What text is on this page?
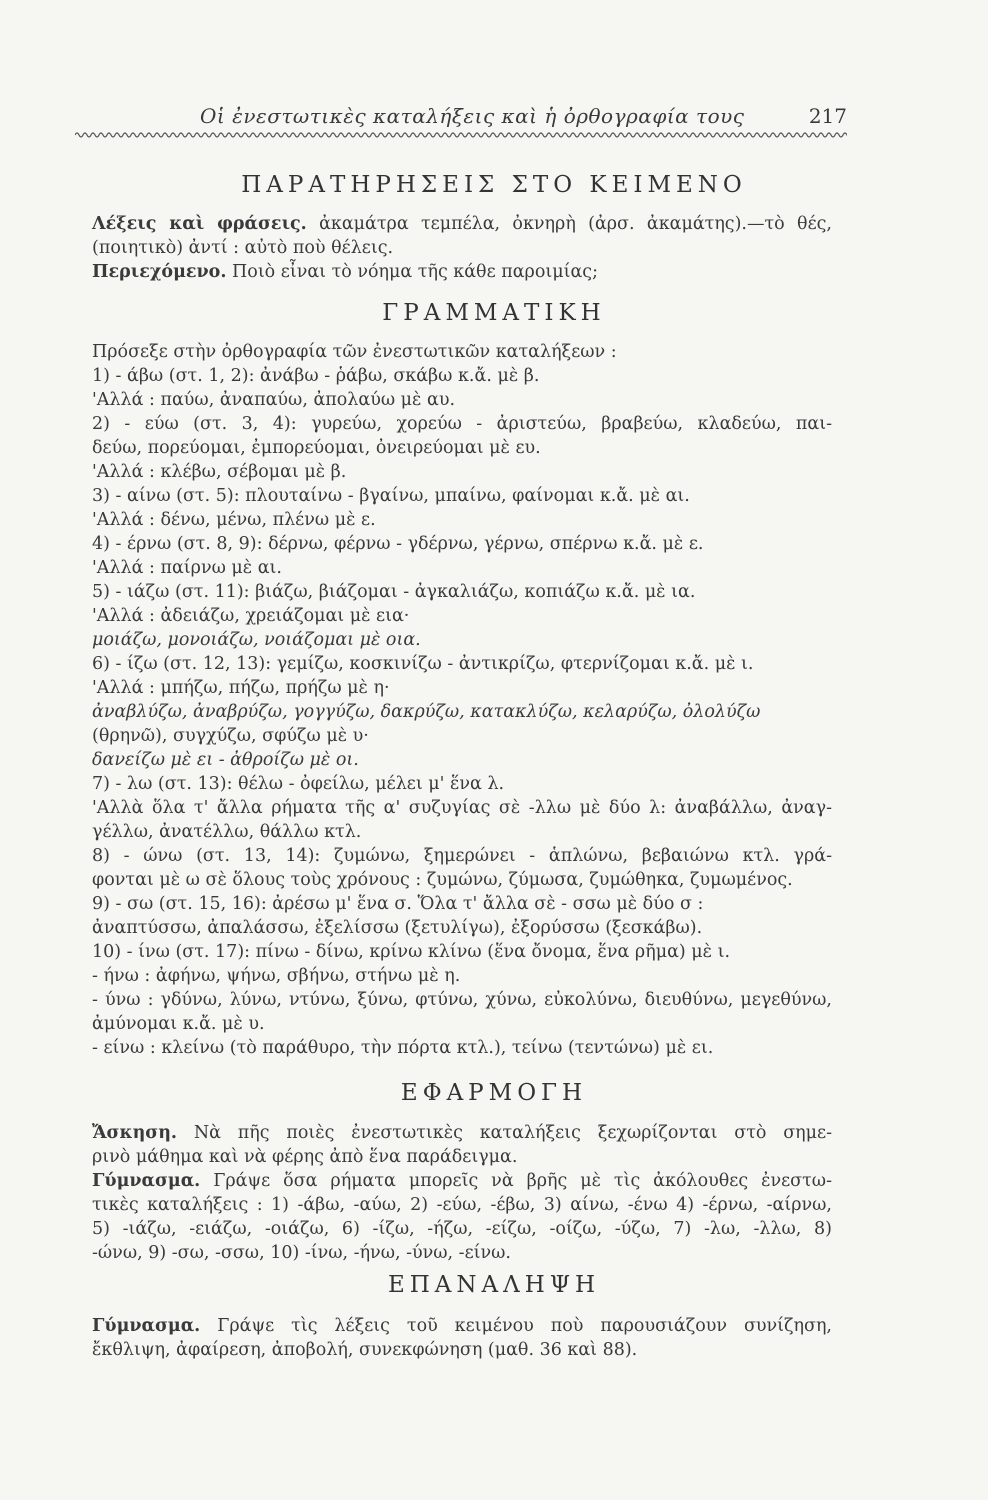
Οἱ ἐνεστωτικὲς καταλήξεις καὶ ἡ ὀρθογραφία τους	217
ΠΑΡΑΤΗΡΗΣΕΙΣ ΣΤΟ ΚΕΙΜΕΝΟ
Λέξεις καὶ φράσεις. ἀκαμάτρα τεμπέλα, ὀκνηρὴ (ἀρσ. ἀκαμάτης).—τὸ θές,
(ποιητικὸ) ἀντί : αὐτὸ ποὺ θέλεις.
Περιεχόμενο. Ποιὸ εἶναι τὸ νόημα τῆς κάθε παροιμίας;
ΓΡΑΜΜΑΤΙΚΗ
Πρόσεξε στὴν ὀρθογραφία τῶν ἐνεστωτικῶν καταλήξεων :
1) - άβω (στ. 1, 2): ἀνάβω - ῥάβω, σκάβω κ.ἄ. μὲ β.
'Αλλά : παύω, ἀναπαύω, ἀπολαύω μὲ αυ.
2) - εύω (στ. 3, 4): γυρεύω, χορεύω - ἀριστεύω, βραβεύω, κλαδεύω, παι-
δεύω, πορεύομαι, ἐμπορεύομαι, ὀνειρεύομαι μὲ ευ.
'Αλλά : κλέβω, σέβομαι μὲ β.
3) - αίνω (στ. 5): πλουταίνω - βγαίνω, μπαίνω, φαίνομαι κ.ἄ. μὲ αι.
'Αλλά : δένω, μένω, πλένω μὲ ε.
4) - έρνω (στ. 8, 9): δέρνω, φέρνω - γδέρνω, γέρνω, σπέρνω κ.ἄ. μὲ ε.
'Αλλά : παίρνω μὲ αι.
5) - ιάζω (στ. 11): βιάζω, βιάζομαι - ἀγκαλιάζω, κοπιάζω κ.ἄ. μὲ ια.
'Αλλά : ἀδειάζω, χρειάζομαι μὲ εια·
μοιάζω, μονοιάζω, νοιάζομαι μὲ οια.
6) - ίζω (στ. 12, 13): γεμίζω, κοσκινίζω - ἀντικρίζω, φτερνίζομαι κ.ἄ. μὲ ι.
'Αλλά : μπήζω, πήζω, πρήζω μὲ η·
ἀναβλύζω, ἀναβρύζω, γογγύζω, δακρύζω, κατακλύζω, κελαρύζω, ὀλολύζω
(θρηνῶ), συγχύζω, σφύζω μὲ υ·
δανείζω μὲ ει - ἀθροίζω μὲ οι.
7) - λω (στ. 13): θέλω - ὀφείλω, μέλει μ' ἕνα λ.
'Αλλὰ ὅλα τ' ἄλλα ρήματα τῆς α' συζυγίας σὲ -λλω μὲ δύο λ: ἀναβάλλω, ἀναγ-
γέλλω, ἀνατέλλω, θάλλω κτλ.
8) - ώνω (στ. 13, 14): ζυμώνω, ξημερώνει - ἁπλώνω, βεβαιώνω κτλ. γρά-
φονται μὲ ω σὲ ὅλους τοὺς χρόνους : ζυμώνω, ζύμωσα, ζυμώθηκα, ζυμωμένος.
9) - σω (στ. 15, 16): ἀρέσω μ' ἕνα σ. Ὅλα τ' ἄλλα σὲ - σσω μὲ δύο σ :
ἀναπτύσσω, ἀπαλάσσω, ἐξελίσσω (ξετυλίγω), ἐξορύσσω (ξεσκάβω).
10) - ίνω (στ. 17): πίνω - δίνω, κρίνω κλίνω (ἕνα ὄνομα, ἕνα ρῆμα) μὲ ι.
- ήνω : ἀφήνω, ψήνω, σβήνω, στήνω μὲ η.
- ύνω : γδύνω, λύνω, ντύνω, ξύνω, φτύνω, χύνω, εὐκολύνω, διευθύνω, μεγεθύνω,
ἀμύνομαι κ.ἄ. μὲ υ.
- είνω : κλείνω (τὸ παράθυρο, τὴν πόρτα κτλ.), τείνω (τεντώνω) μὲ ει.
ΕΦΑΡΜΟΓΗ
Ἄσκηση. Νὰ πῆς ποιὲς ἐνεστωτικὲς καταλήξεις ξεχωρίζονται στὸ σημε-
ρινὸ μάθημα καὶ νὰ φέρης ἀπὸ ἕνα παράδειγμα.
Γύμνασμα. Γράψε ὅσα ρήματα μπορεῖς νὰ βρῆς μὲ τὶς ἀκόλουθες ἐνεστω-
τικὲς καταλήξεις : 1) -άβω, -αύω, 2) -εύω, -έβω, 3) αίνω, -ένω 4) -έρνω, -αίρνω,
5) -ιάζω, -ειάζω, -οιάζω, 6) -ίζω, -ήζω, -είζω, -οίζω, -ύζω, 7) -λω, -λλω, 8)
-ώνω, 9) -σω, -σσω, 10) -ίνω, -ήνω, -ύνω, -είνω.
ΕΠΑΝΑΛΗΨΗ
Γύμνασμα. Γράψε τὶς λέξεις τοῦ κειμένου ποὺ παρουσιάζουν συνίζηση,
ἔκθλιψη, ἀφαίρεση, ἀποβολή, συνεκφώνηση (μαθ. 36 καὶ 88).
